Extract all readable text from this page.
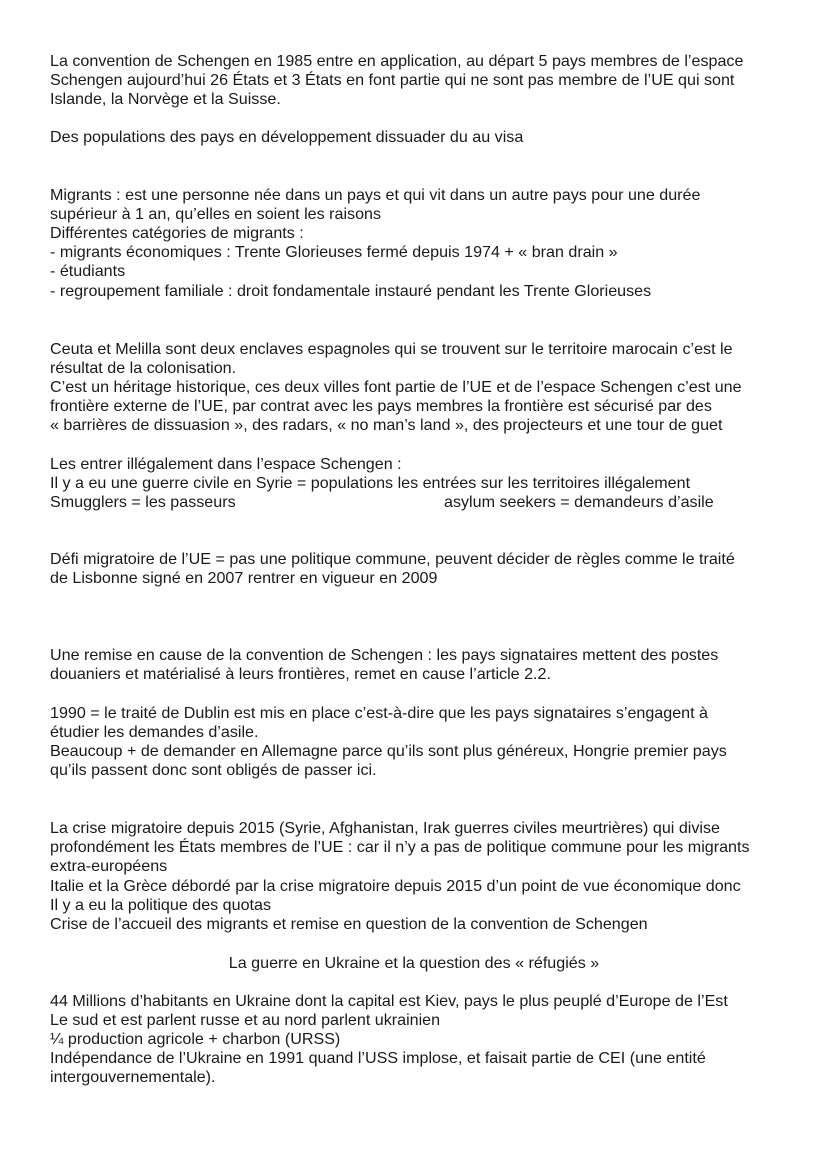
La convention de Schengen en 1985 entre en application, au départ 5 pays membres de l’espace
Schengen aujourd’hui 26 États et 3 États en font partie qui ne sont pas membre de l’UE qui sont
Islande, la Norvège et la Suisse.
Des populations des pays en développement dissuader du au visa
Migrants : est une personne née dans un pays et qui vit dans un autre pays pour une durée
supérieur à 1 an, qu’elles en soient les raisons
Différentes catégories de migrants :
- migrants économiques : Trente Glorieuses fermé depuis 1974 + « bran drain »
- étudiants
- regroupement familiale : droit fondamentale instauré pendant les Trente Glorieuses
Ceuta et Melilla sont deux enclaves espagnoles qui se trouvent sur le territoire marocain c’est le
résultat de la colonisation.
C’est un héritage historique, ces deux villes font partie de l’UE et de l’espace Schengen c’est une
frontière externe de l’UE, par contrat avec les pays membres la frontière est sécurisé par des
« barrières de dissuasion », des radars, « no man’s land », des projecteurs et une tour de guet
Les entrer illégalement dans l’espace Schengen :
Il y a eu une guerre civile en Syrie = populations les entrées sur les territoires illégalement
Smugglers = les passeurs	asylum seekers = demandeurs d’asile
Défi migratoire de l’UE = pas une politique commune, peuvent décider de règles comme le traité
de Lisbonne signé en 2007 rentrer en vigueur en 2009
Une remise en cause de la convention de Schengen : les pays signataires mettent des postes
douaniers et matérialisé à leurs frontières, remet en cause l’article 2.2.
1990 = le traité de Dublin est mis en place c’est-à-dire que les pays signataires s’engagent à
étudier les demandes d’asile.
Beaucoup + de demander en Allemagne parce qu’ils sont plus généreux, Hongrie premier pays
qu’ils passent donc sont obligés de passer ici.
La crise migratoire depuis 2015 (Syrie, Afghanistan, Irak guerres civiles meurtrières) qui divise
profondément les États membres de l’UE : car il n’y a pas de politique commune pour les migrants
extra-européens
Italie et la Grèce débordé par la crise migratoire depuis 2015 d’un point de vue économique donc
Il y a eu la politique des quotas
Crise de l’accueil des migrants et remise en question de la convention de Schengen
La guerre en Ukraine et la question des « réfugiés »
44 Millions d’habitants en Ukraine dont la capital est Kiev, pays le plus peuplé d’Europe de l’Est
Le sud et est parlent russe et au nord parlent ukrainien
¼ production agricole + charbon (URSS)
Indépendance de l’Ukraine en 1991 quand l’USS implose, et faisait partie de CEI (une entité
intergouvernementale).
